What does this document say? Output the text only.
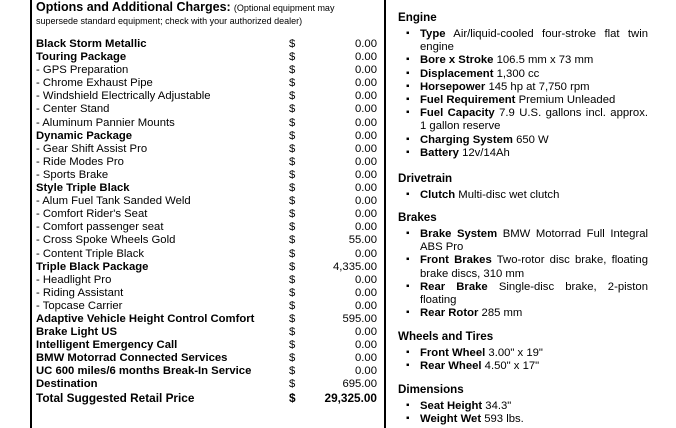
Options and Additional Charges: (Optional equipment may supersede standard equipment; check with your authorized dealer)
Black Storm Metallic	$	0.00
Touring Package	$	0.00
- GPS Preparation	$	0.00
- Chrome Exhaust Pipe	$	0.00
- Windshield Electrically Adjustable	$	0.00
- Center Stand	$	0.00
- Aluminum Pannier Mounts	$	0.00
Dynamic Package	$	0.00
- Gear Shift Assist Pro	$	0.00
- Ride Modes Pro	$	0.00
- Sports Brake	$	0.00
Style Triple Black	$	0.00
- Alum Fuel Tank Sanded Weld	$	0.00
- Comfort Rider's Seat	$	0.00
- Comfort passenger seat	$	0.00
- Cross Spoke Wheels Gold	$	55.00
- Content Triple Black	$	0.00
Triple Black Package	$	4,335.00
- Headlight Pro	$	0.00
- Riding Assistant	$	0.00
- Topcase Carrier	$	0.00
Adaptive Vehicle Height Control Comfort	$	595.00
Brake Light US	$	0.00
Intelligent Emergency Call	$	0.00
BMW Motorrad Connected Services	$	0.00
UC 600 miles/6 months Break-In Service	$	0.00
Destination	$	695.00
Total Suggested Retail Price	$ 29,325.00
Engine
▪ Type Air/liquid-cooled four-stroke flat twin engine
▪ Bore x Stroke 106.5 mm x 73 mm
▪ Displacement 1,300 cc
▪ Horsepower 145 hp at 7,750 rpm
▪ Fuel Requirement Premium Unleaded
▪ Fuel Capacity 7.9 U.S. gallons incl. approx. 1 gallon reserve
▪ Charging System 650 W
▪ Battery 12v/14Ah
Drivetrain
▪ Clutch Multi-disc wet clutch
Brakes
▪ Brake System BMW Motorrad Full Integral ABS Pro
▪ Front Brakes Two-rotor disc brake, floating brake discs, 310 mm
▪ Rear Brake Single-disc brake, 2-piston floating
▪ Rear Rotor 285 mm
Wheels and Tires
▪ Front Wheel 3.00" x 19"
▪ Rear Wheel 4.50" x 17"
Dimensions
▪ Seat Height 34.3"
▪ Weight Wet 593 lbs.
